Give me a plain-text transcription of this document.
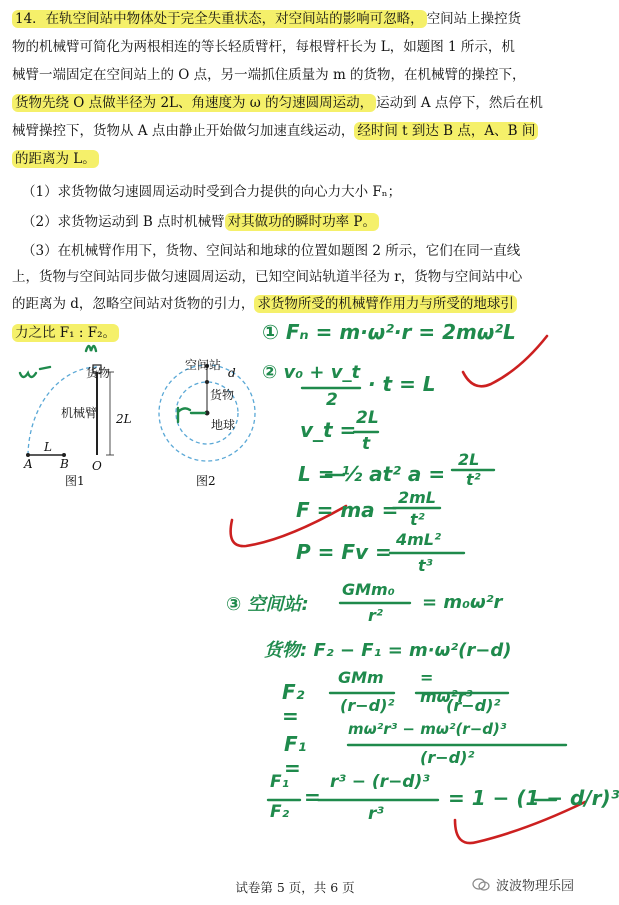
14．在轨空间站中物体处于完全失重状态，对空间站的影响可忽略， 空间站上操控货
物的机械臂可简化为两根相连的等长轻质臂杆，每根臂杆长为 L，如题图 1 所示，机
械臂一端固定在空间站上的 O 点，另一端抓住质量为 m 的货物，在机械臂的操控下，
货物先绕 O 点做半径为 2L、角速度为 ω 的匀速圆周运动， 运动到 A 点停下，然后在机
械臂操控下，货物从 A 点由静止开始做匀加速直线运动， 经时间 t 到达 B 点，A、B 间
的距离为 L。
（1）求货物做匀速圆周运动时受到合力提供的向心力大小 Fₙ；
（2）求货物运动到 B 点时机械臂 对其做功的瞬时功率 P。
（3）在机械臂作用下，货物、空间站和地球的位置如题图 2 所示，它们在同一直线
上，货物与空间站同步做匀速圆周运动，已知空间站轨道半径为 r，货物与空间站中心
的距离为 d，忽略空间站对货物的引力， 求货物所受的机械臂作用力与所受的地球引
力之比 F₁ : F₂。
货物
机械臂 2L
L
A B O
图1
空间站
d
货物
地球
图2
① Fₙ = m·ω²·r = 2mω²L
② v₀ + v_t
2
· t = L
v_t = 2L
t
L = ½ at² a =
2L
t²
F = ma =
2mL
t²
P = Fv =
4mL²
t³
③ 空间站:
GMm₀
r²
= m₀ω²r
货物: F₂ − F₁ = m·ω²(r−d)
F₂ =
GMm
(r−d)²
= mω²r³
(r−d)²
F₁ =
mω²r³ − mω²(r−d)³
(r−d)²
F₁
F₂
=
r³ − (r−d)³
r³
= 1 − (1 − d/r)³
试卷第 5 页，共 6 页	波波物理乐园
